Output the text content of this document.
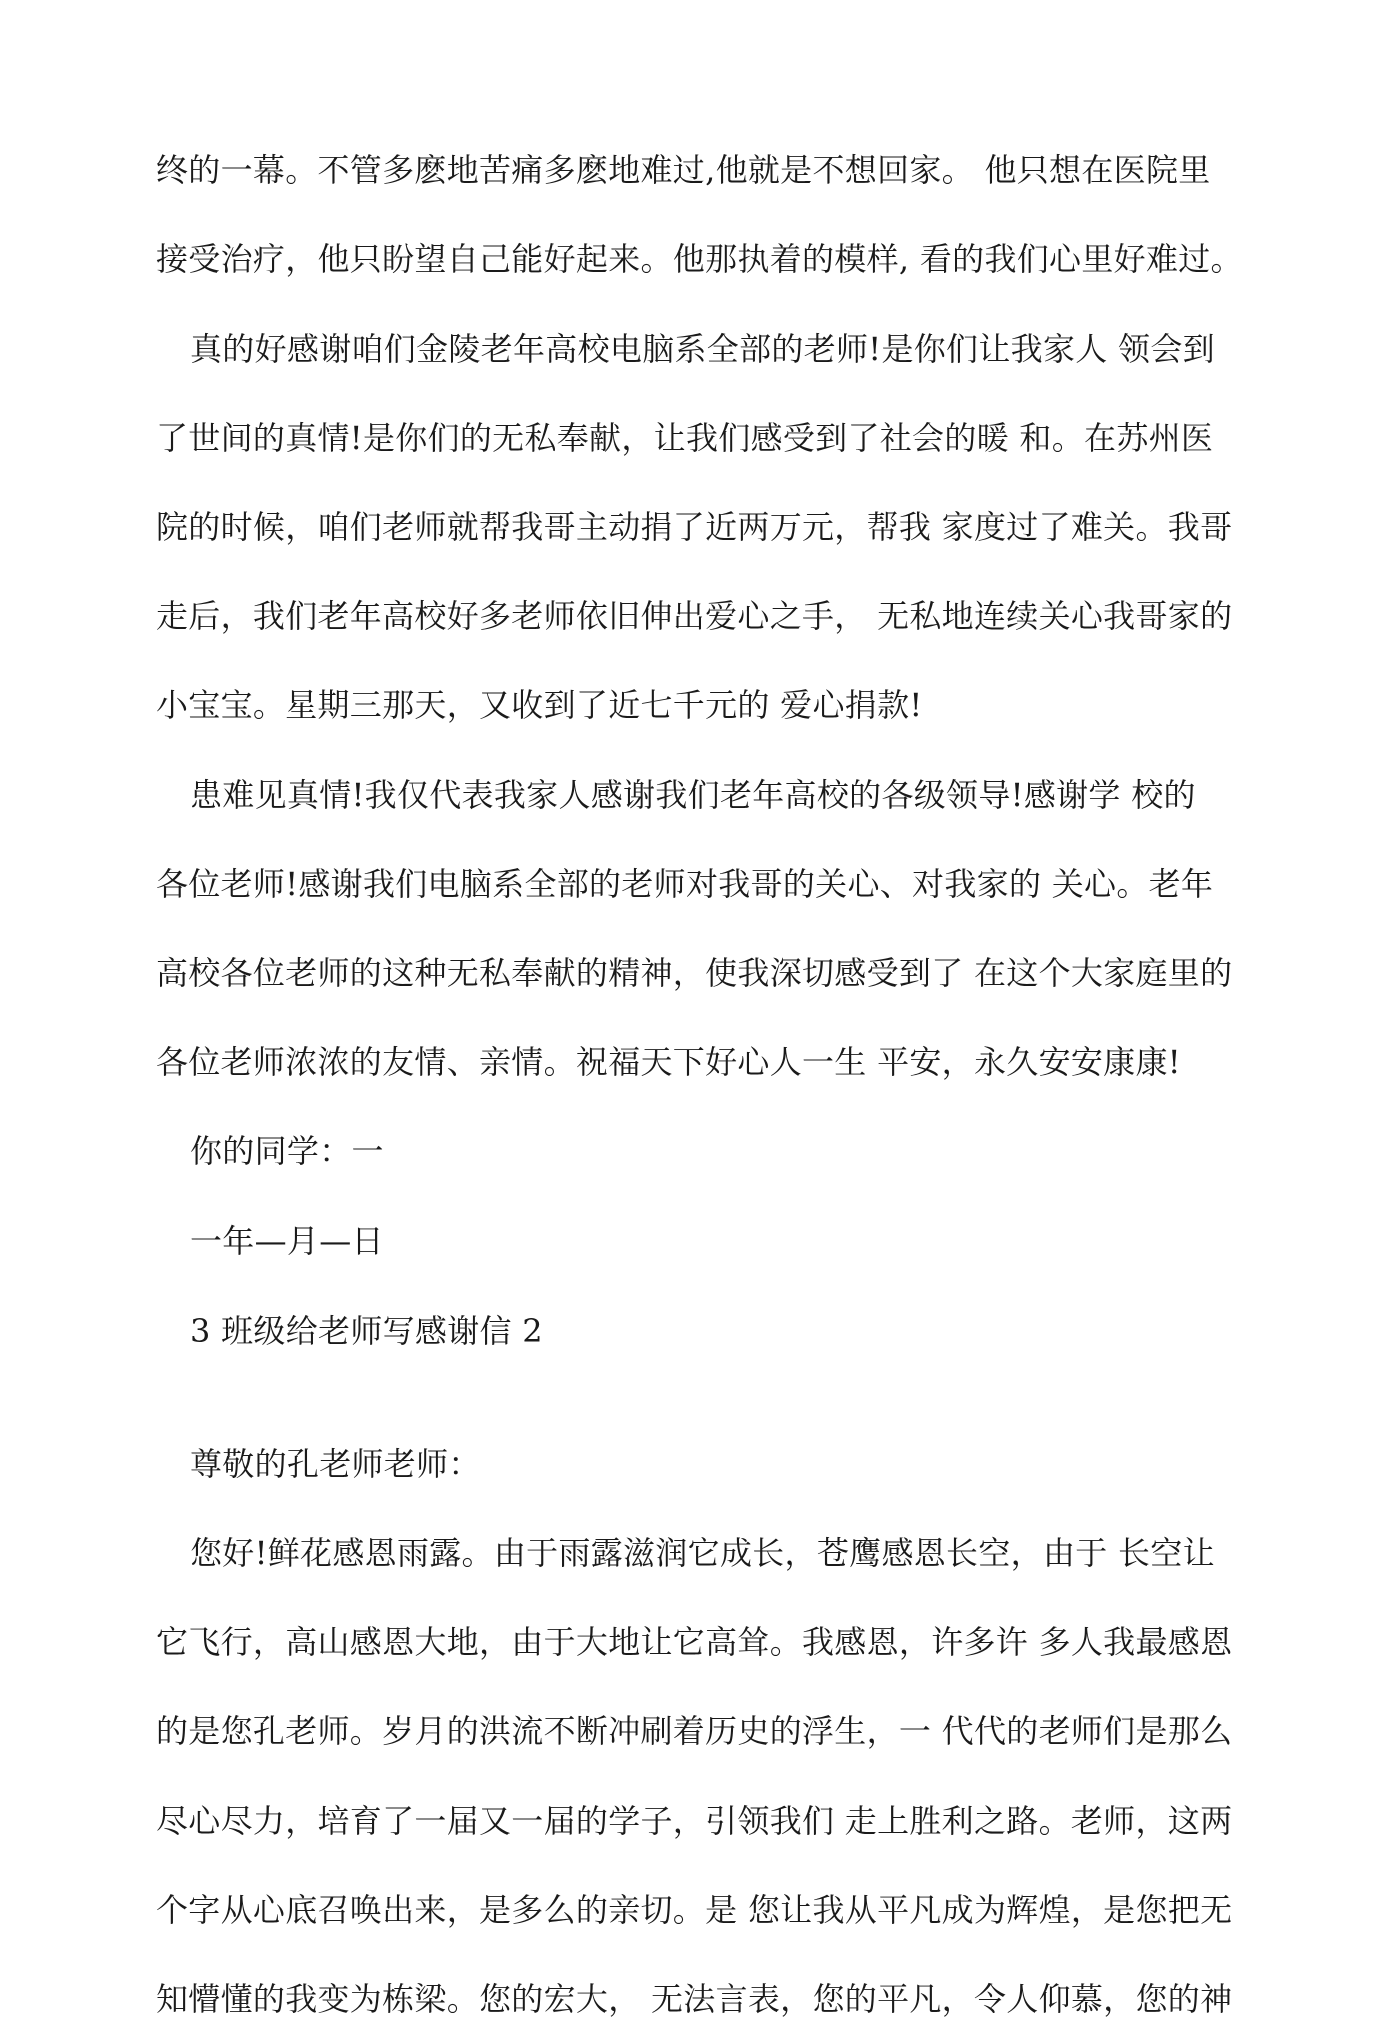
终的一幕。不管多麽地苦痛多麽地难过,他就是不想回家。 他只想在医院里
接受治疗，他只盼望自己能好起来。他那执着的模样, 看的我们心里好难过。
真的好感谢咱们金陵老年高校电脑系全部的老师!是你们让我家人 领会到
了世间的真情!是你们的无私奉献，让我们感受到了社会的暖 和。在苏州医
院的时候，咱们老师就帮我哥主动捐了近两万元，帮我 家度过了难关。我哥
走后，我们老年高校好多老师依旧伸出爱心之手， 无私地连续关心我哥家的
小宝宝。星期三那天，又收到了近七千元的 爱心捐款!
患难见真情!我仅代表我家人感谢我们老年高校的各级领导!感谢学 校的
各位老师!感谢我们电脑系全部的老师对我哥的关心、对我家的 关心。老年
高校各位老师的这种无私奉献的精神，使我深切感受到了 在这个大家庭里的
各位老师浓浓的友情、亲情。祝福天下好心人一生 平安，永久安安康康!
你的同学：一
一年—月—日
3 班级给老师写感谢信 2
尊敬的孔老师老师：
您好!鲜花感恩雨露。由于雨露滋润它成长，苍鹰感恩长空，由于 长空让
它飞行，高山感恩大地，由于大地让它高耸。我感恩，许多许 多人我最感恩
的是您孔老师。岁月的洪流不断冲刷着历史的浮生，一 代代的老师们是那么
尽心尽力，培育了一届又一届的学子，引领我们 走上胜利之路。老师，这两
个字从心底召唤出来，是多么的亲切。是 您让我从平凡成为辉煌，是您把无
知懵懂的我变为栋梁。您的宏大， 无法言表，您的平凡，令人仰慕，您的神
